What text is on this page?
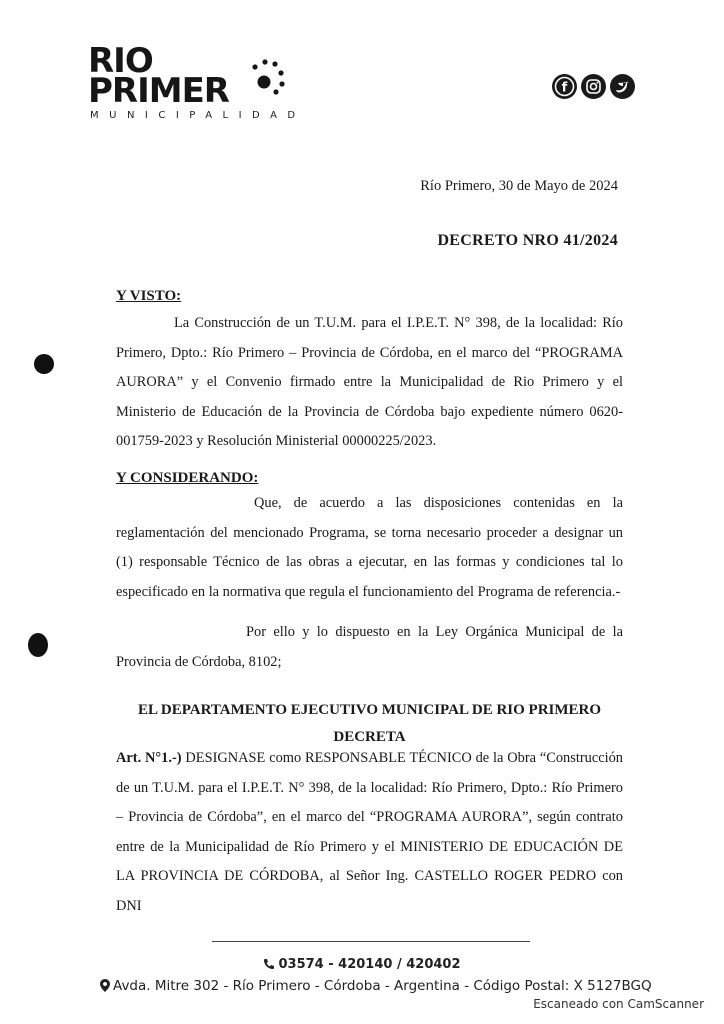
RIO
PRIMER
MUNICIPALIDAD
f
Río Primero, 30 de Mayo de 2024
DECRETO NRO 41/2024
Y VISTO:

La Construcción de un T.U.M. para el I.P.E.T. N° 398, de la localidad: Río Primero, Dpto.: Río Primero – Provincia de Córdoba, en el marco del “PROGRAMA AURORA” y el Convenio firmado entre la Municipalidad de Rio Primero y el Ministerio de Educación de la Provincia de Córdoba bajo expediente número 0620-001759-2023 y Resolución Ministerial 00000225/2023.

Y CONSIDERANDO:

Que, de acuerdo a las disposiciones contenidas en la reglamentación del mencionado Programa, se torna necesario proceder a designar un (1) responsable Técnico de las obras a ejecutar, en las formas y condiciones tal lo especificado en la normativa que regula el funcionamiento del Programa de referencia.-

Por ello y lo dispuesto en la Ley Orgánica Municipal de la Provincia de Córdoba, 8102;

EL DEPARTAMENTO EJECUTIVO MUNICIPAL DE RIO PRIMERO
DECRETA

Art. N°1.-) DESIGNASE como RESPONSABLE TÉCNICO de la Obra “Construcción de un T.U.M. para el I.P.E.T. N° 398, de la localidad: Río Primero, Dpto.: Río Primero – Provincia de Córdoba”, en el marco del “PROGRAMA AURORA”, según contrato entre de la Municipalidad de Río Primero y el MINISTERIO DE EDUCACIÓN DE LA PROVINCIA DE CÓRDOBA, al Señor Ing. CASTELLO ROGER PEDRO con DNI

03574 - 420140 / 420402
Avda. Mitre 302 - Río Primero - Córdoba - Argentina - Código Postal: X 5127BGQ
Escaneado con CamScanner
